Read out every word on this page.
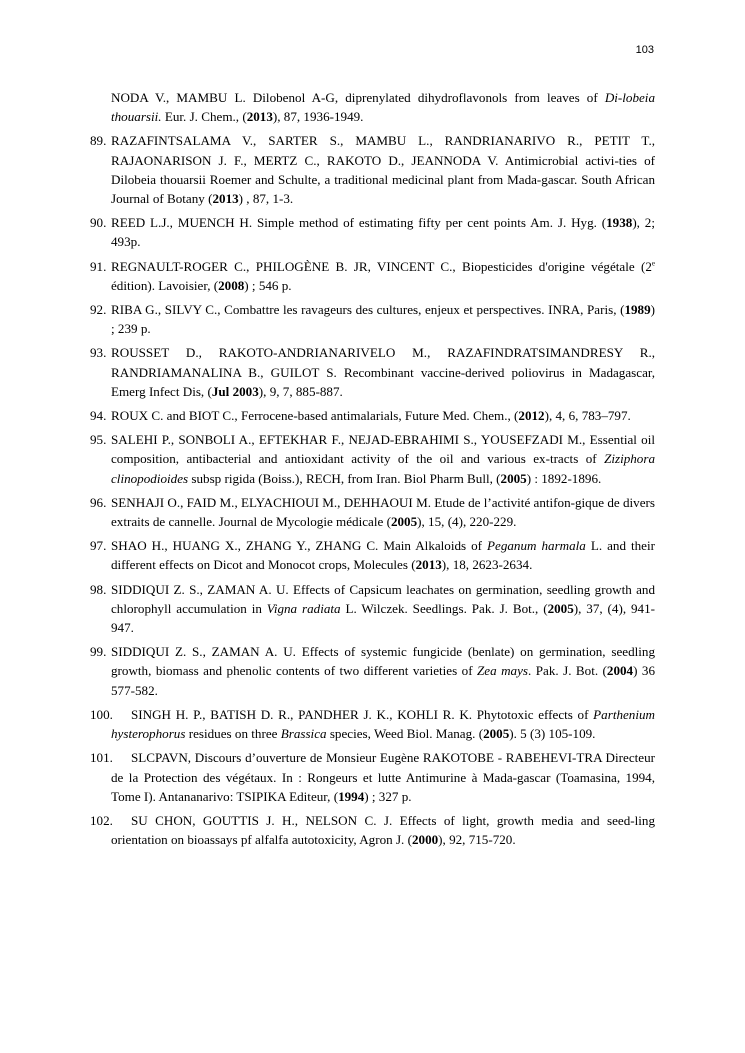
103
NODA V., MAMBU L. Dilobenol A-G, diprenylated dihydroflavonols from leaves of Di-lobeia thouarsii. Eur. J. Chem., (2013), 87, 1936-1949.
89. RAZAFINTSALAMA V., SARTER S., MAMBU L., RANDRIANARIVO R., PETIT T., RAJAONARISON J. F., MERTZ C., RAKOTO D., JEANNODA V. Antimicrobial activi-ties of Dilobeia thouarsii Roemer and Schulte, a traditional medicinal plant from Mada-gascar. South African Journal of Botany (2013) , 87, 1-3.
90. REED L.J., MUENCH H. Simple method of estimating fifty per cent points Am. J. Hyg. (1938), 2; 493p.
91. REGNAULT-ROGER C., PHILOGÈNE B. JR, VINCENT C., Biopesticides d'origine végétale (2e édition). Lavoisier, (2008) ; 546 p.
92. RIBA G., SILVY C., Combattre les ravageurs des cultures, enjeux et perspectives. INRA, Paris, (1989) ; 239 p.
93. ROUSSET D., RAKOTO-ANDRIANARIVELO M., RAZAFINDRATSIMANDRESY R., RANDRIAMANALINA B., GUILOT S. Recombinant vaccine-derived poliovirus in Madagascar, Emerg Infect Dis, (Jul 2003), 9, 7, 885-887.
94. ROUX C. and BIOT C., Ferrocene-based antimalarials, Future Med. Chem., (2012), 4, 6, 783–797.
95. SALEHI P., SONBOLI A., EFTEKHAR F., NEJAD-EBRAHIMI S., YOUSEFZADI M., Essential oil composition, antibacterial and antioxidant activity of the oil and various ex-tracts of Ziziphora clinopodioides subsp rigida (Boiss.), RECH, from Iran. Biol Pharm Bull, (2005) : 1892-1896.
96. SENHAJI O., FAID M., ELYACHIOUI M., DEHHAOUI M. Etude de l’activité antifon-gique de divers extraits de cannelle. Journal de Mycologie médicale (2005), 15, (4), 220-229.
97. SHAO H., HUANG X., ZHANG Y., ZHANG C. Main Alkaloids of Peganum harmala L. and their different effects on Dicot and Monocot crops, Molecules (2013), 18, 2623-2634.
98. SIDDIQUI Z. S., ZAMAN A. U. Effects of Capsicum leachates on germination, seedling growth and chlorophyll accumulation in Vigna radiata L. Wilczek. Seedlings. Pak. J. Bot., (2005), 37, (4), 941-947.
99. SIDDIQUI Z. S., ZAMAN A. U. Effects of systemic fungicide (benlate) on germination, seedling growth, biomass and phenolic contents of two different varieties of Zea mays. Pak. J. Bot. (2004) 36 577-582.
100. SINGH H. P., BATISH D. R., PANDHER J. K., KOHLI R. K. Phytotoxic effects of Parthenium hysterophorus residues on three Brassica species, Weed Biol. Manag. (2005). 5 (3) 105-109.
101. SLCPAVN, Discours d’ouverture de Monsieur Eugène RAKOTOBE - RABEHEVI-TRA Directeur de la Protection des végétaux. In : Rongeurs et lutte Antimurine à Mada-gascar (Toamasina, 1994, Tome I). Antananarivo: TSIPIKA Editeur, (1994) ; 327 p.
102. SU CHON, GOUTTIS J. H., NELSON C. J. Effects of light, growth media and seed-ling orientation on bioassays pf alfalfa autotoxicity, Agron J. (2000), 92, 715-720.
